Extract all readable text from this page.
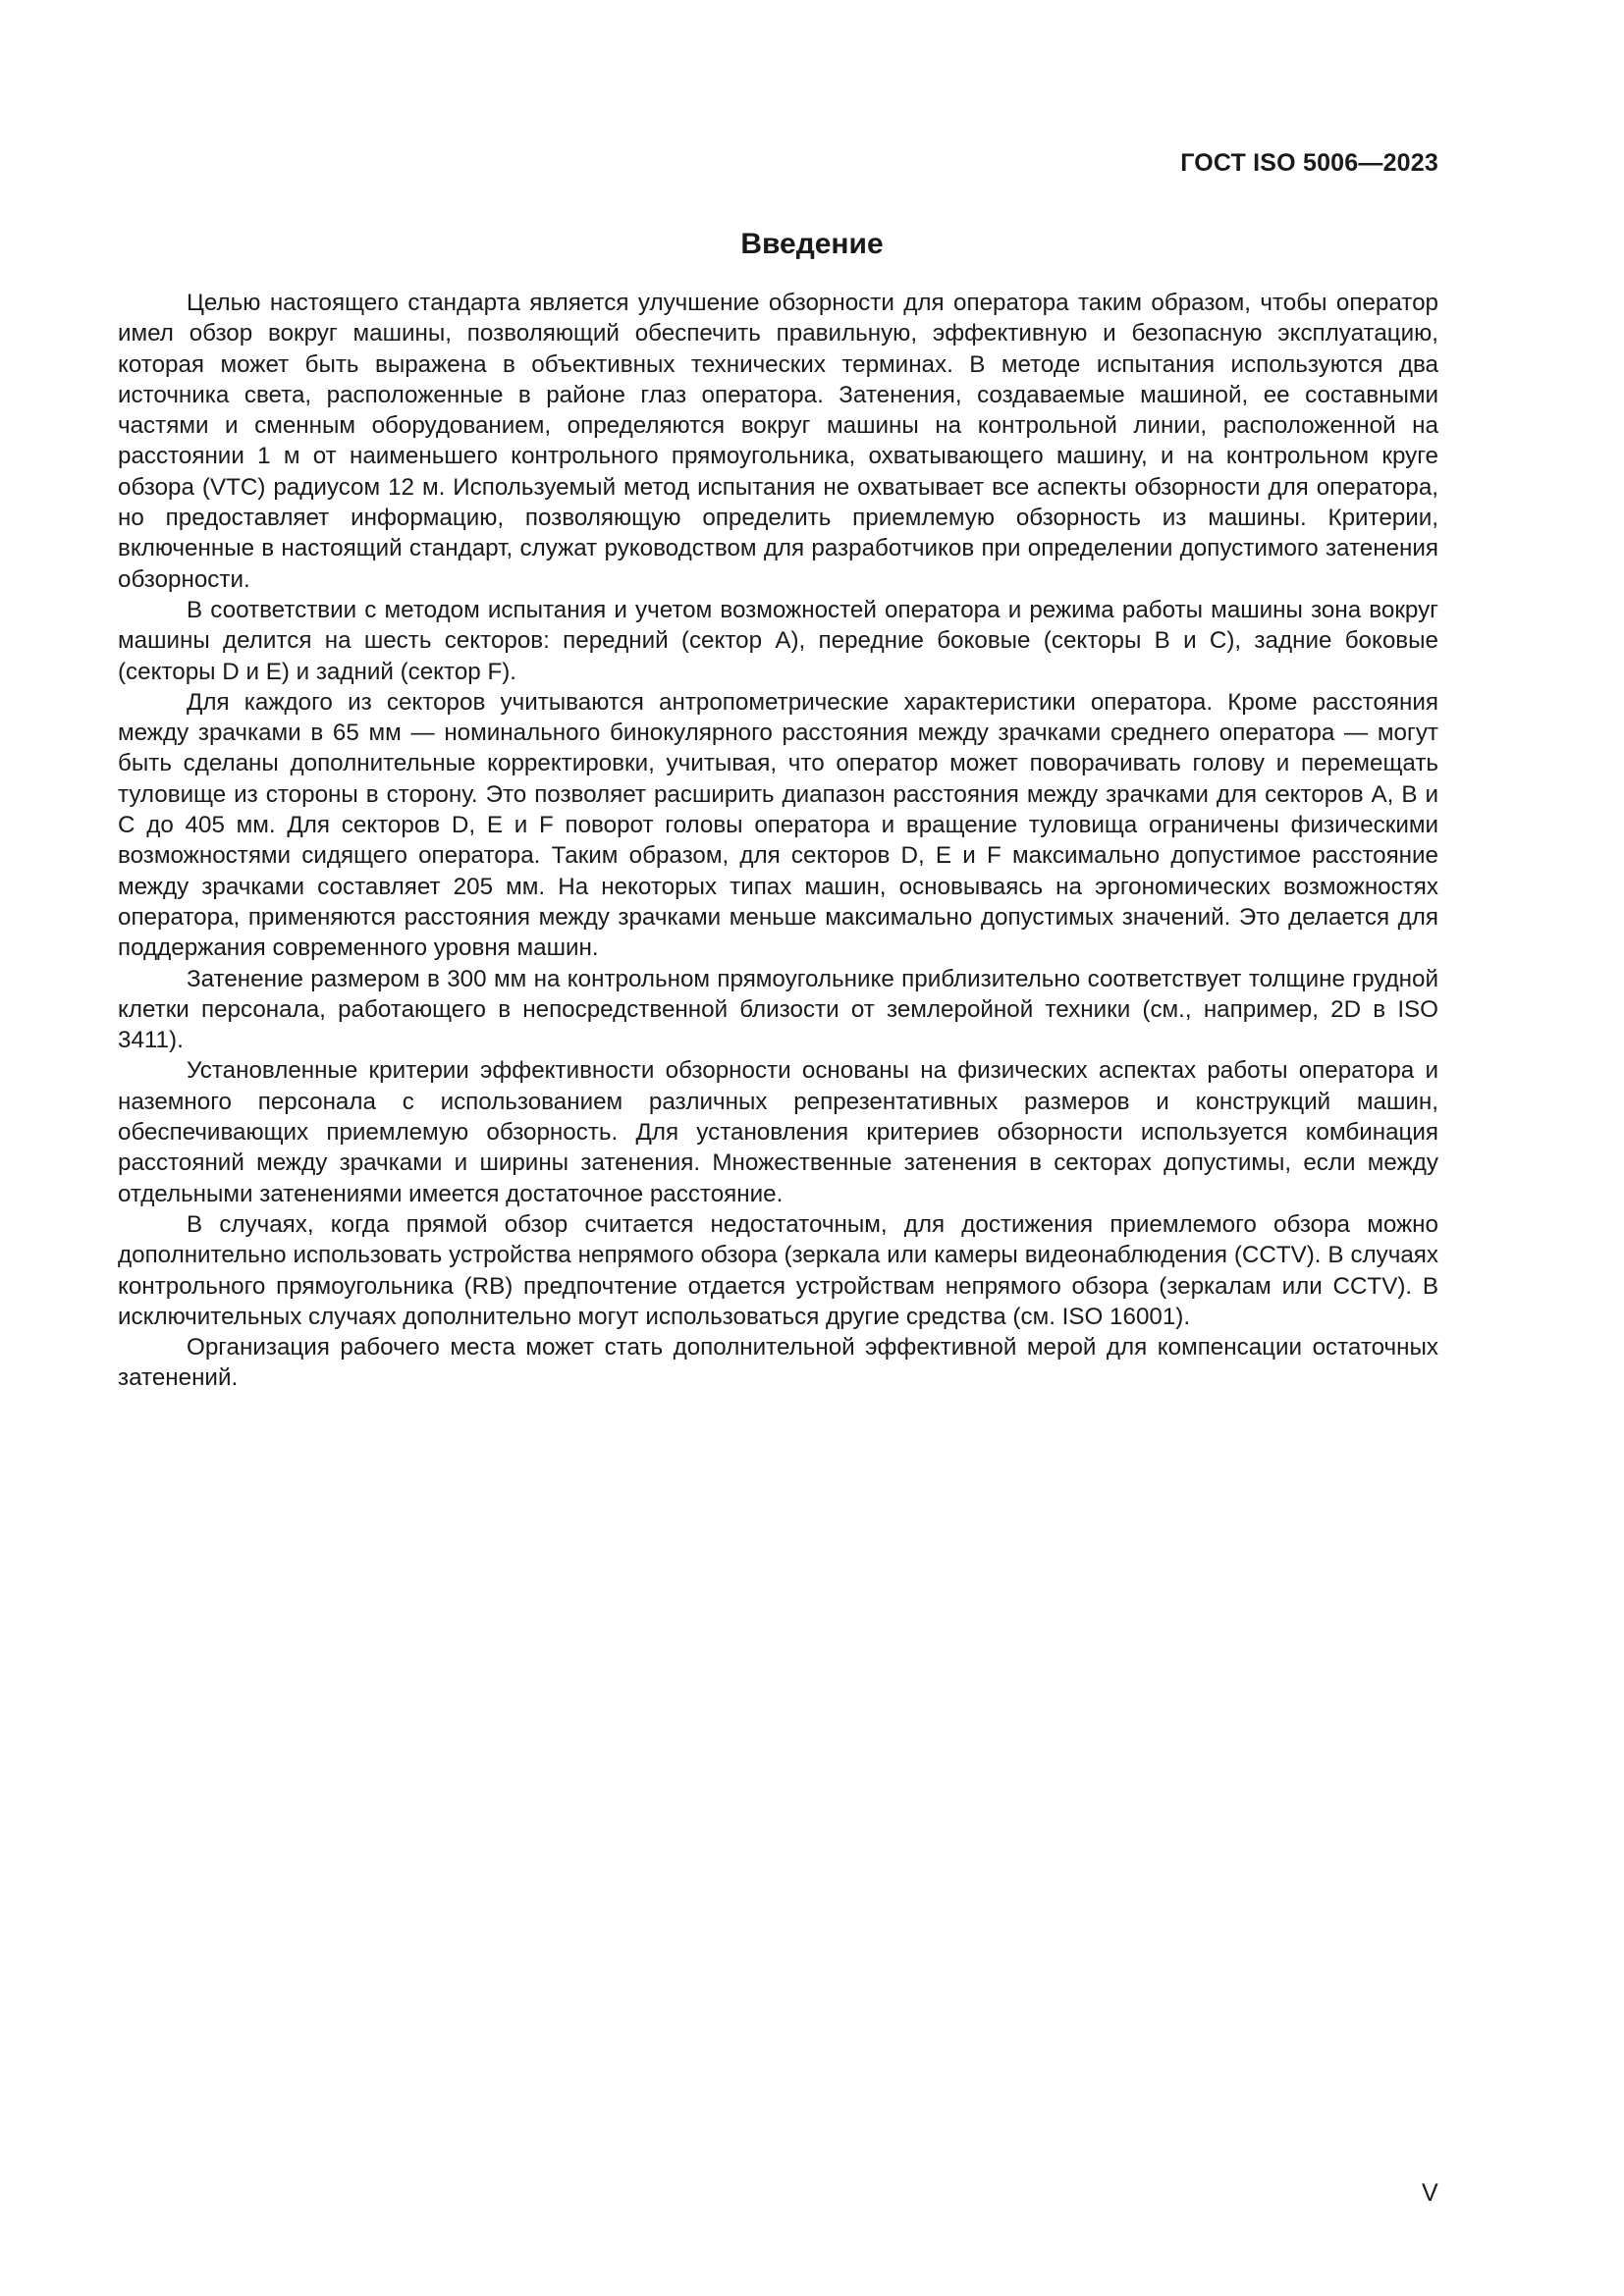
ГОСТ ISO 5006—2023
Введение

Целью настоящего стандарта является улучшение обзорности для оператора таким образом, чтобы оператор имел обзор вокруг машины, позволяющий обеспечить правильную, эффективную и безопасную эксплуатацию, которая может быть выражена в объективных технических терминах. В методе испытания используются два источника света, расположенные в районе глаз оператора. Затенения, создаваемые машиной, ее составными частями и сменным оборудованием, определяются вокруг машины на контрольной линии, расположенной на расстоянии 1 м от наименьшего контрольного прямоугольника, охватывающего машину, и на контрольном круге обзора (VTC) радиусом 12 м. Используемый метод испытания не охватывает все аспекты обзорности для оператора, но предоставляет информацию, позволяющую определить приемлемую обзорность из машины. Критерии, включенные в настоящий стандарт, служат руководством для разработчиков при определении допустимого затенения обзорности.

В соответствии с методом испытания и учетом возможностей оператора и режима работы машины зона вокруг машины делится на шесть секторов: передний (сектор А), передние боковые (секторы В и С), задние боковые (секторы D и Е) и задний (сектор F).

Для каждого из секторов учитываются антропометрические характеристики оператора. Кроме расстояния между зрачками в 65 мм — номинального бинокулярного расстояния между зрачками среднего оператора — могут быть сделаны дополнительные корректировки, учитывая, что оператор может поворачивать голову и перемещать туловище из стороны в сторону. Это позволяет расширить диапазон расстояния между зрачками для секторов А, В и С до 405 мм. Для секторов D, Е и F поворот головы оператора и вращение туловища ограничены физическими возможностями сидящего оператора. Таким образом, для секторов D, Е и F максимально допустимое расстояние между зрачками составляет 205 мм. На некоторых типах машин, основываясь на эргономических возможностях оператора, применяются расстояния между зрачками меньше максимально допустимых значений. Это делается для поддержания современного уровня машин.

Затенение размером в 300 мм на контрольном прямоугольнике приблизительно соответствует толщине грудной клетки персонала, работающего в непосредственной близости от землеройной техники (см., например, 2D в ISO 3411).

Установленные критерии эффективности обзорности основаны на физических аспектах работы оператора и наземного персонала с использованием различных репрезентативных размеров и конструкций машин, обеспечивающих приемлемую обзорность. Для установления критериев обзорности используется комбинация расстояний между зрачками и ширины затенения. Множественные затенения в секторах допустимы, если между отдельными затенениями имеется достаточное расстояние.

В случаях, когда прямой обзор считается недостаточным, для достижения приемлемого обзора можно дополнительно использовать устройства непрямого обзора (зеркала или камеры видеонаблюдения (CCTV). В случаях контрольного прямоугольника (RB) предпочтение отдается устройствам непрямого обзора (зеркалам или CCTV). В исключительных случаях дополнительно могут использоваться другие средства (см. ISO 16001).

Организация рабочего места может стать дополнительной эффективной мерой для компенсации остаточных затенений.

V
